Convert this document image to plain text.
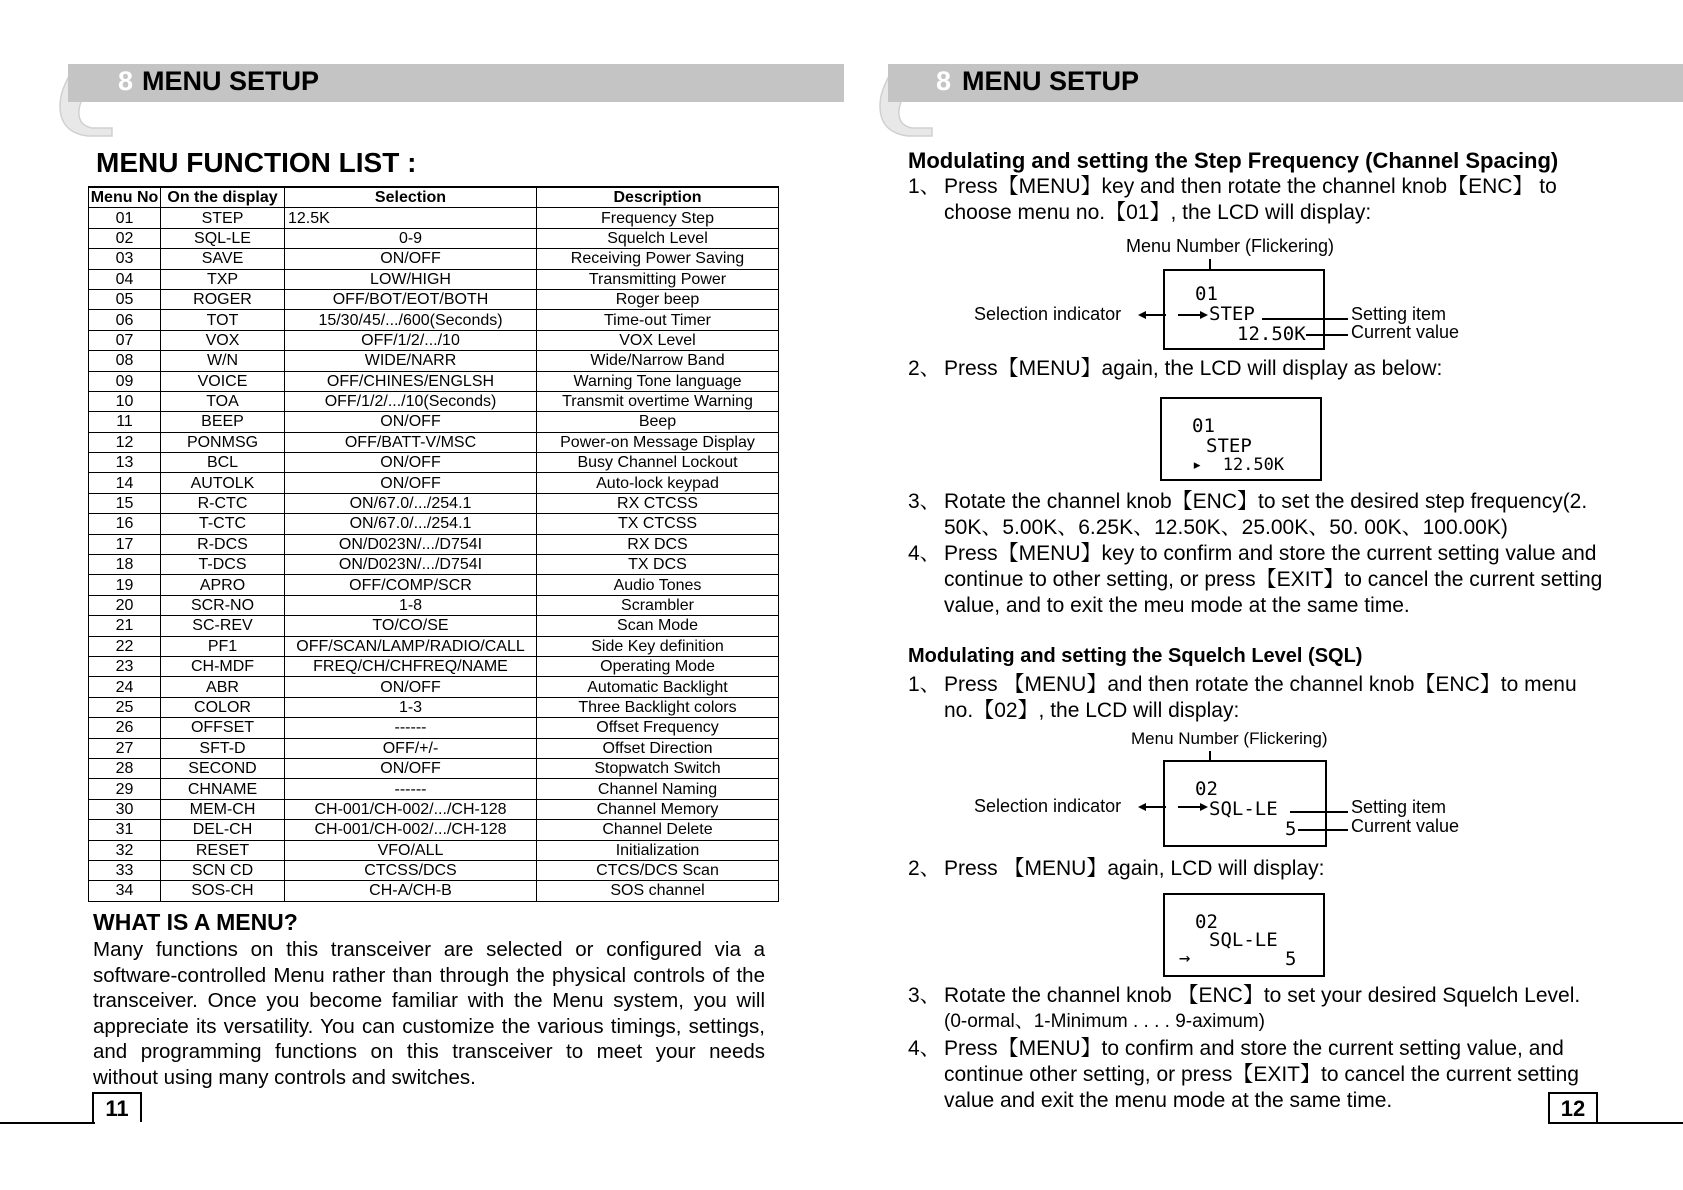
8 MENU SETUP
MENU FUNCTION LIST :
Menu No	On the display	Selection	Description
01	STEP	12.5K	Frequency Step
02	SQL-LE	0-9	Squelch Level
03	SAVE	ON/OFF	Receiving Power Saving
04	TXP	LOW/HIGH	Transmitting Power
05	ROGER	OFF/BOT/EOT/BOTH	Roger beep
06	TOT	15/30/45/.../600(Seconds)	Time-out Timer
07	VOX	OFF/1/2/.../10	VOX Level
08	W/N	WIDE/NARR	Wide/Narrow Band
09	VOICE	OFF/CHINES/ENGLSH	Warning Tone language
10	TOA	OFF/1/2/.../10(Seconds)	Transmit overtime Warning
11	BEEP	ON/OFF	Beep
12	PONMSG	OFF/BATT-V/MSC	Power-on Message Display
13	BCL	ON/OFF	Busy Channel Lockout
14	AUTOLK	ON/OFF	Auto-lock keypad
15	R-CTC	ON/67.0/.../254.1	RX CTCSS
16	T-CTC	ON/67.0/.../254.1	TX CTCSS
17	R-DCS	ON/D023N/.../D754I	RX DCS
18	T-DCS	ON/D023N/.../D754I	TX DCS
19	APRO	OFF/COMP/SCR	Audio Tones
20	SCR-NO	1-8	Scrambler
21	SC-REV	TO/CO/SE	Scan Mode
22	PF1	OFF/SCAN/LAMP/RADIO/CALL	Side Key definition
23	CH-MDF	FREQ/CH/CHFREQ/NAME	Operating Mode
24	ABR	ON/OFF	Automatic Backlight
25	COLOR	1-3	Three Backlight colors
26	OFFSET	------	Offset Frequency
27	SFT-D	OFF/+/-	Offset Direction
28	SECOND	ON/OFF	Stopwatch Switch
29	CHNAME	------	Channel Naming
30	MEM-CH	CH-001/CH-002/.../CH-128	Channel Memory
31	DEL-CH	CH-001/CH-002/.../CH-128	Channel Delete
32	RESET	VFO/ALL	Initialization
33	SCN CD	CTCSS/DCS	CTCS/DCS Scan
34	SOS-CH	CH-A/CH-B	SOS channel
WHAT IS A MENU?
Many functions on this transceiver are selected or configured via a software-controlled Menu rather than through the physical controls of the transceiver. Once you become familiar with the Menu system, you will appreciate its versatility. You can customize the various timings, settings, and programming functions on this transceiver to meet your needs without using many controls and switches.
11
8 MENU SETUP
Modulating and setting the Step Frequency (Channel Spacing)
1、 Press【MENU】key and then rotate the channel knob【ENC】 to
choose menu no.【01】, the LCD will display:
Menu Number (Flickering)
01
STEP
12.50K
Selection indicator	Setting item
Current value
2、 Press【MENU】again, the LCD will display as below:
01
STEP
▸  12.50K
3、 Rotate the channel knob【ENC】to set the desired step frequency(2.
50K、5.00K、6.25K、12.50K、25.00K、50. 00K、100.00K)
4、 Press【MENU】key to confirm and store the current setting value and
continue to other setting, or press【EXIT】to cancel the current setting
value, and to exit the meu mode at the same time.
Modulating and setting the Squelch Level (SQL)
1、 Press 【MENU】and then rotate the channel knob【ENC】to menu
no.【02】, the LCD will display:
Menu Number (Flickering)
02
SQL-LE
5
Selection indicator	Setting item
Current value
2、 Press 【MENU】again, LCD will display:
02
SQL-LE
→	5
3、 Rotate the channel knob 【ENC】to set your desired Squelch Level.
(0-ormal、1-Minimum . . . . 9-aximum)
4、 Press【MENU】to confirm and store the current setting value, and
continue other setting, or press【EXIT】to cancel the current setting
value and exit the menu mode at the same time.	12
